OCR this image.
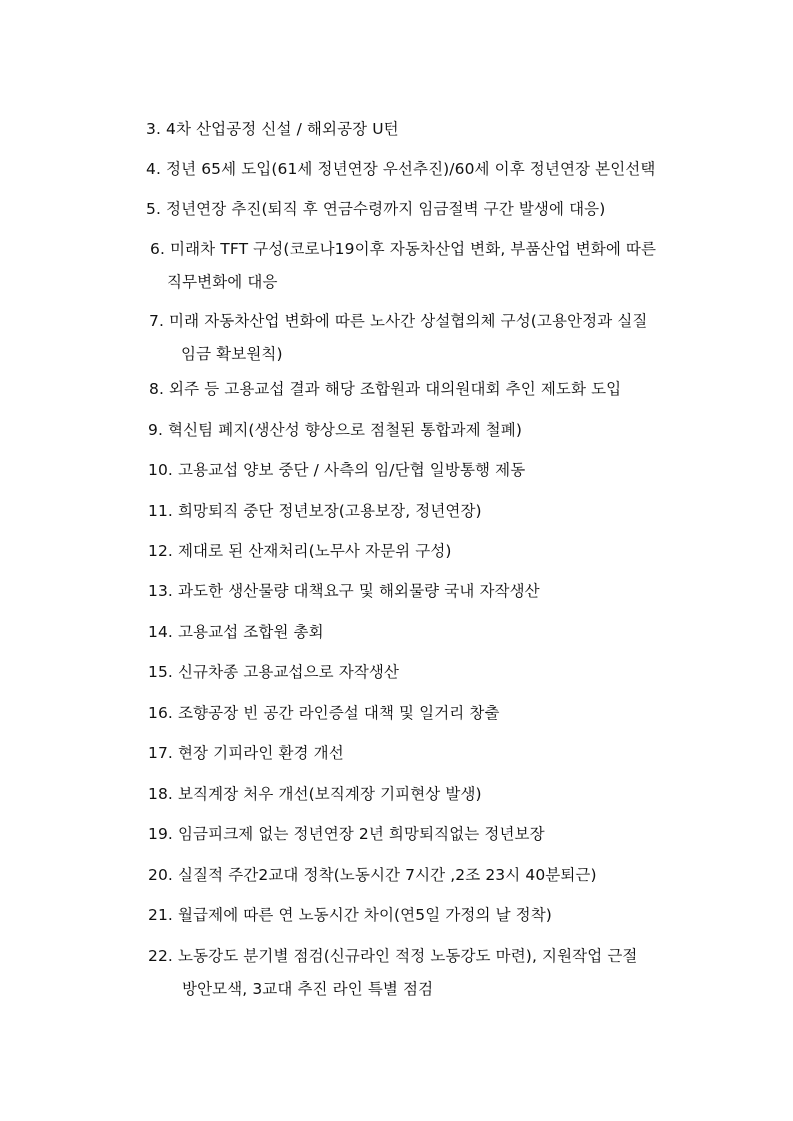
3. 4차 산업공정 신설 / 해외공장 U턴
4. 정년 65세 도입(61세 정년연장 우선추진)/60세 이후 정년연장 본인선택
5. 정년연장 추진(퇴직 후 연금수령까지 임금절벽 구간 발생에 대응)
6. 미래차 TFT 구성(코로나19이후 자동차산업 변화, 부품산업 변화에 따른
직무변화에 대응
7. 미래 자동차산업 변화에 따른 노사간 상설협의체 구성(고용안정과 실질
임금 확보원칙)
8. 외주 등 고용교섭 결과 해당 조합원과 대의원대회 추인 제도화 도입
9. 혁신팀 폐지(생산성 향상으로 점철된 통합과제 철폐)
10. 고용교섭 양보 중단 / 사측의 임/단협 일방통행 제동
11. 희망퇴직 중단 정년보장(고용보장, 정년연장)
12. 제대로 된 산재처리(노무사 자문위 구성)
13. 과도한 생산물량 대책요구 및 해외물량 국내 자작생산
14. 고용교섭 조합원 총회
15. 신규차종 고용교섭으로 자작생산
16. 조향공장 빈 공간 라인증설 대책 및 일거리 창출
17. 현장 기피라인 환경 개선
18. 보직계장 처우 개선(보직계장 기피현상 발생)
19. 임금피크제 없는 정년연장 2년 희망퇴직없는 정년보장
20. 실질적 주간2교대 정착(노동시간 7시간 ,2조 23시 40분퇴근)
21. 월급제에 따른 연 노동시간 차이(연5일 가정의 날 정착)
22. 노동강도 분기별 점검(신규라인 적정 노동강도 마련), 지원작업 근절
방안모색, 3교대 추진 라인 특별 점검
